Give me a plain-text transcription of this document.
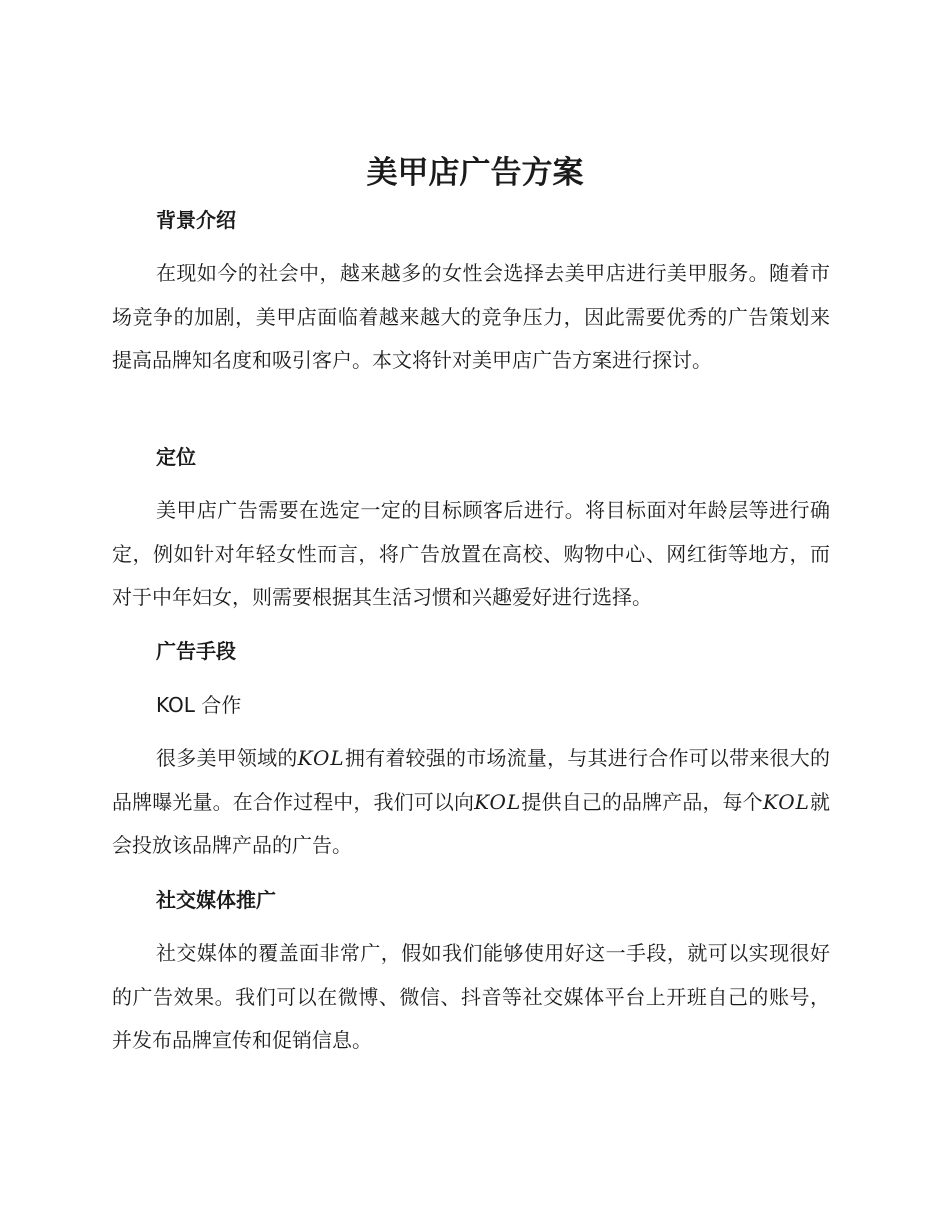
美甲店广告方案
背景介绍

在现如今的社会中，越来越多的女性会选择去美甲店进行美甲服务。随着市场竞争的加剧，美甲店面临着越来越大的竞争压力，因此需要优秀的广告策划来提高品牌知名度和吸引客户。本文将针对美甲店广告方案进行探讨。

定位

美甲店广告需要在选定一定的目标顾客后进行。将目标面对年龄层等进行确定，例如针对年轻女性而言，将广告放置在高校、购物中心、网红街等地方，而对于中年妇女，则需要根据其生活习惯和兴趣爱好进行选择。

广告手段
KOL 合作

很多美甲领域的KOL拥有着较强的市场流量，与其进行合作可以带来很大的品牌曝光量。在合作过程中，我们可以向KOL提供自己的品牌产品，每个KOL就会投放该品牌产品的广告。

社交媒体推广

社交媒体的覆盖面非常广，假如我们能够使用好这一手段，就可以实现很好的广告效果。我们可以在微博、微信、抖音等社交媒体平台上开班自己的账号，并发布品牌宣传和促销信息。
